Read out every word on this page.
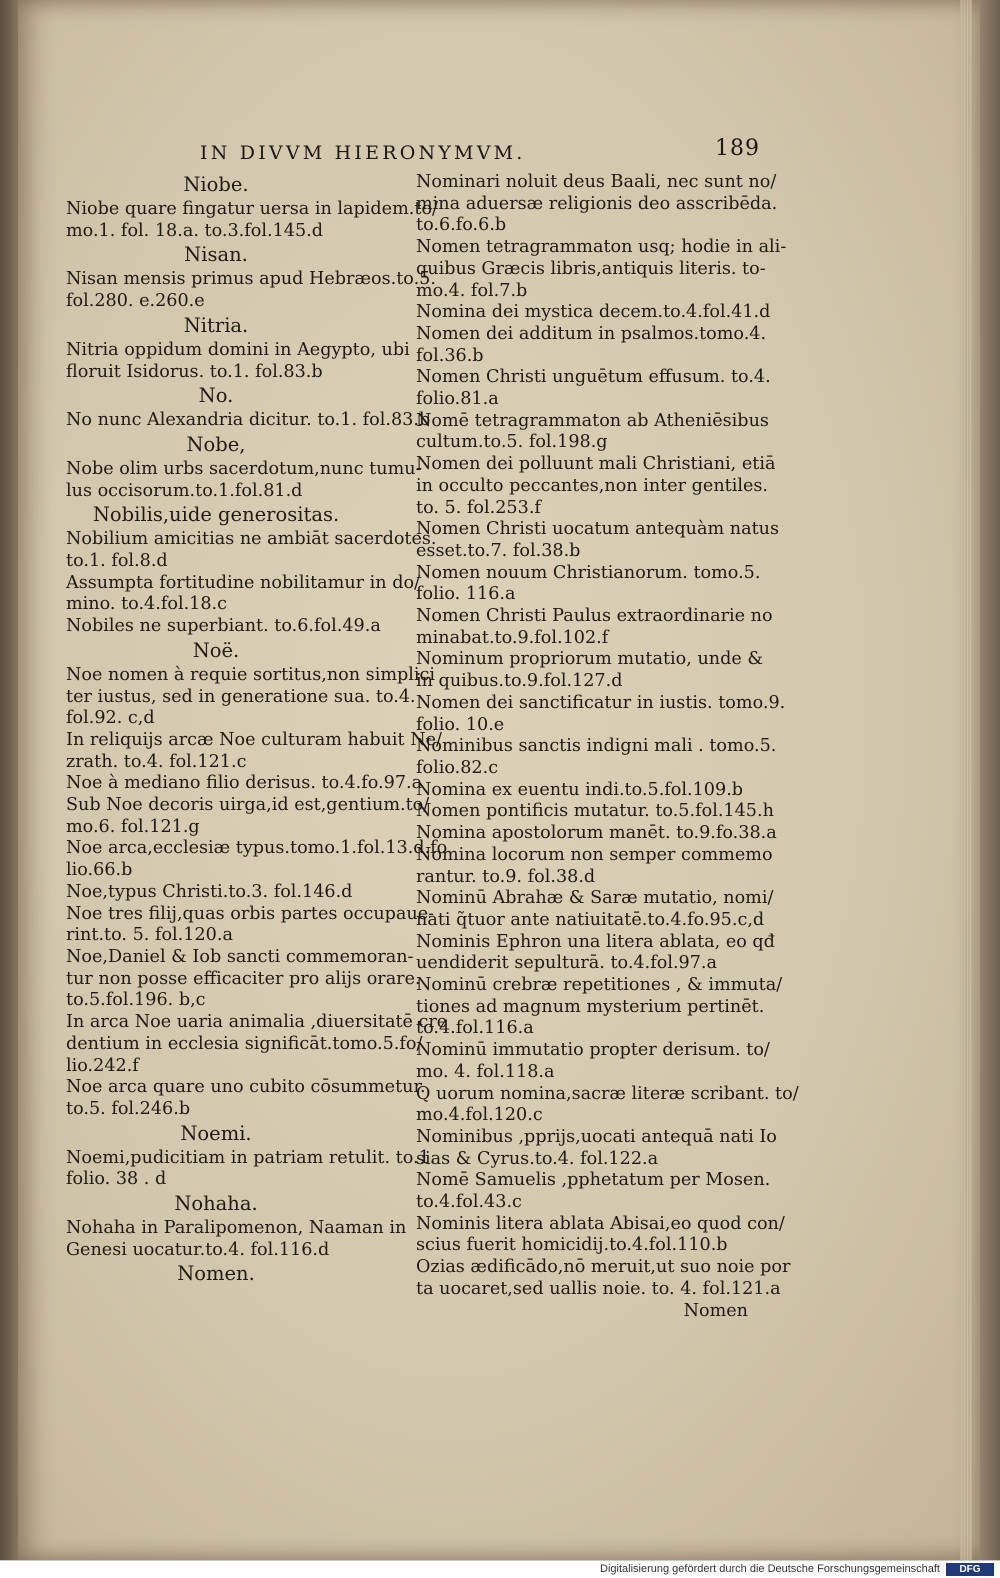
IN DIVVM HIERONYMVM.	189
Niobe.
Niobe quare fingatur uersa in lapidem.to/
mo.1. fol. 18.a. to.3.fol.145.d
Nisan.
Nisan mensis primus apud Hebræos.to.5.
fol.280. e.260.e
Nitria.
Nitria oppidum domini in Aegypto, ubi
floruit Isidorus. to.1. fol.83.b
No.
No nunc Alexandria dicitur. to.1. fol.83.b
Nobe,
Nobe olim urbs sacerdotum,nunc tumu-
lus occisorum.to.1.fol.81.d
Nobilis,uide generositas.
Nobilium amicitias ne ambiāt sacerdotes.
to.1. fol.8.d
Assumpta fortitudine nobilitamur in do/
mino. to.4.fol.18.c
Nobiles ne superbiant. to.6.fol.49.a
Noë.
Noe nomen à requie sortitus,non simplici
ter iustus, sed in generatione sua. to.4.
fol.92. c,d
In reliquijs arcæ Noe culturam habuit Ne/
zrath. to.4. fol.121.c
Noe à mediano filio derisus. to.4.fo.97.a
Sub Noe decoris uirga,id est,gentium.to/
mo.6. fol.121.g
Noe arca,ecclesiæ typus.tomo.1.fol.13.d.fo
lio.66.b
Noe,typus Christi.to.3. fol.146.d
Noe tres filij,quas orbis partes occupaue-
rint.to. 5. fol.120.a
Noe,Daniel & Iob sancti commemoran-
tur non posse efficaciter pro alijs orare.
to.5.fol.196. b,c
In arca Noe uaria animalia ,diuersitatē cre
dentium in ecclesia significāt.tomo.5.fo/
lio.242.f
Noe arca quare uno cubito cōsummetur.
to.5. fol.246.b
Noemi.
Noemi,pudicitiam in patriam retulit. to.1.
folio. 38 . d
Nohaha.
Nohaha in Paralipomenon, Naaman in
Genesi uocatur.to.4. fol.116.d
Nomen.
Nominari noluit deus Baali, nec sunt no/
mina aduersæ religionis deo asscribēda.
to.6.fo.6.b
Nomen tetragrammaton usq; hodie in ali-
quibus Græcis libris,antiquis literis. to-
mo.4. fol.7.b
Nomina dei mystica decem.to.4.fol.41.d
Nomen dei additum in psalmos.tomo.4.
fol.36.b
Nomen Christi unguētum effusum. to.4.
folio.81.a
Nomē tetragrammaton ab Atheniēsibus
cultum.to.5. fol.198.g
Nomen dei polluunt mali Christiani, etiā
in occulto peccantes,non inter gentiles.
to. 5. fol.253.f
Nomen Christi uocatum antequàm natus
esset.to.7. fol.38.b
Nomen nouum Christianorum. tomo.5.
folio. 116.a
Nomen Christi Paulus extraordinarie no
minabat.to.9.fol.102.f
Nominum propriorum mutatio, unde &
in quibus.to.9.fol.127.d
Nomen dei sanctificatur in iustis. tomo.9.
folio. 10.e
Nominibus sanctis indigni mali . tomo.5.
folio.82.c
Nomina ex euentu indi.to.5.fol.109.b
Nomen pontificis mutatur. to.5.fol.145.h
Nomina apostolorum manēt. to.9.fo.38.a
Nomina locorum non semper commemo
rantur. to.9. fol.38.d
Nominū Abrahæ & Saræ mutatio, nomi/
nati q̃tuor ante natiuitatē.to.4.fo.95.c,d
Nominis Ephron una litera ablata, eo qđ
uendiderit sepulturā. to.4.fol.97.a
Nominū crebræ repetitiones , & immuta/
tiones ad magnum mysterium pertinēt.
to.4.fol.116.a
Nominū immutatio propter derisum. to/
mo. 4. fol.118.a
Q uorum nomina,sacræ literæ scribant. to/
mo.4.fol.120.c
Nominibus ,pprijs,uocati antequā nati Io
sias & Cyrus.to.4. fol.122.a
Nomē Samuelis ,pphetatum per Mosen.
to.4.fol.43.c
Nominis litera ablata Abisai,eo quod con/
scius fuerit homicidij.to.4.fol.110.b
Ozias ædificādo,nō meruit,ut suo noie por
ta uocaret,sed uallis noie. to. 4. fol.121.a
Nomen
Digitalisierung gefördert durch die Deutsche Forschungsgemeinschaft	DFG
